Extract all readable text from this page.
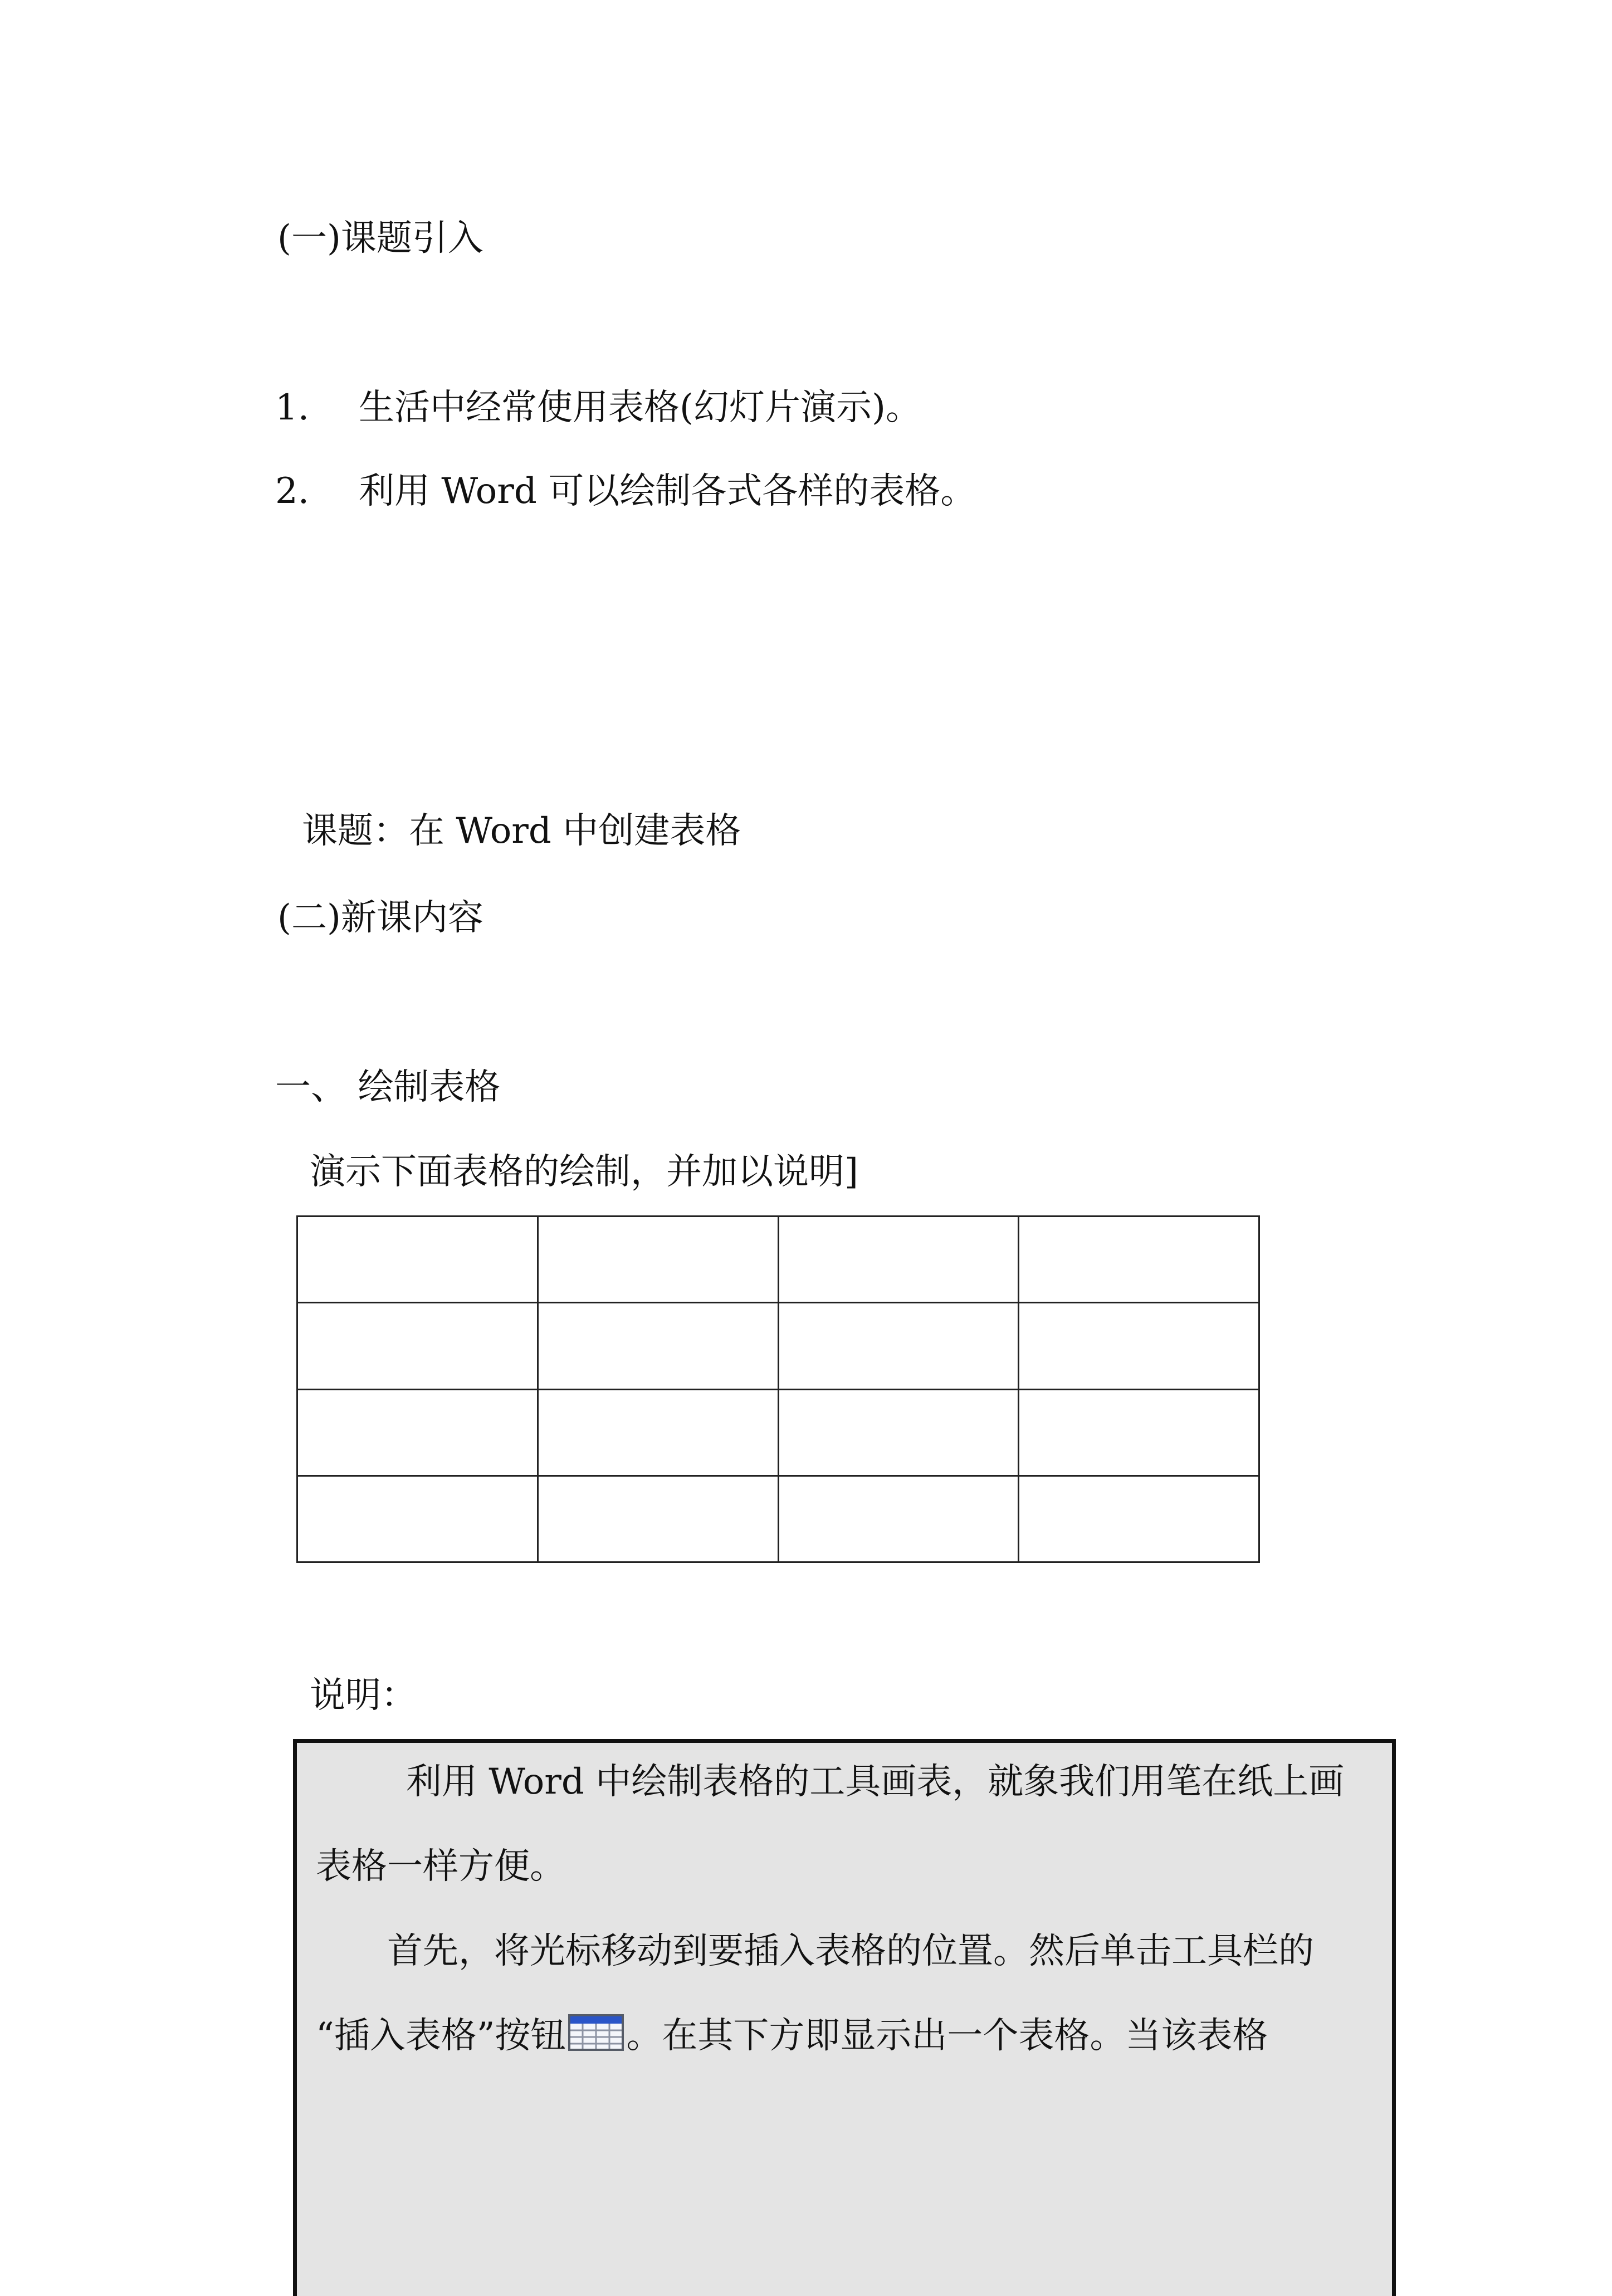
(一)课题引入
1. 生活中经常使用表格(幻灯片演示)。
2. 利用 Word 可以绘制各式各样的表格。
课题：在 Word 中创建表格
(二)新课内容
一、 绘制表格
演示下面表格的绘制，并加以说明]

说明：
利用 Word 中绘制表格的工具画表，就象我们用笔在纸上画
表格一样方便。
首先，将光标移动到要插入表格的位置。然后单击工具栏的
“插入表格”按钮 。在其下方即显示出一个表格。当该表格
